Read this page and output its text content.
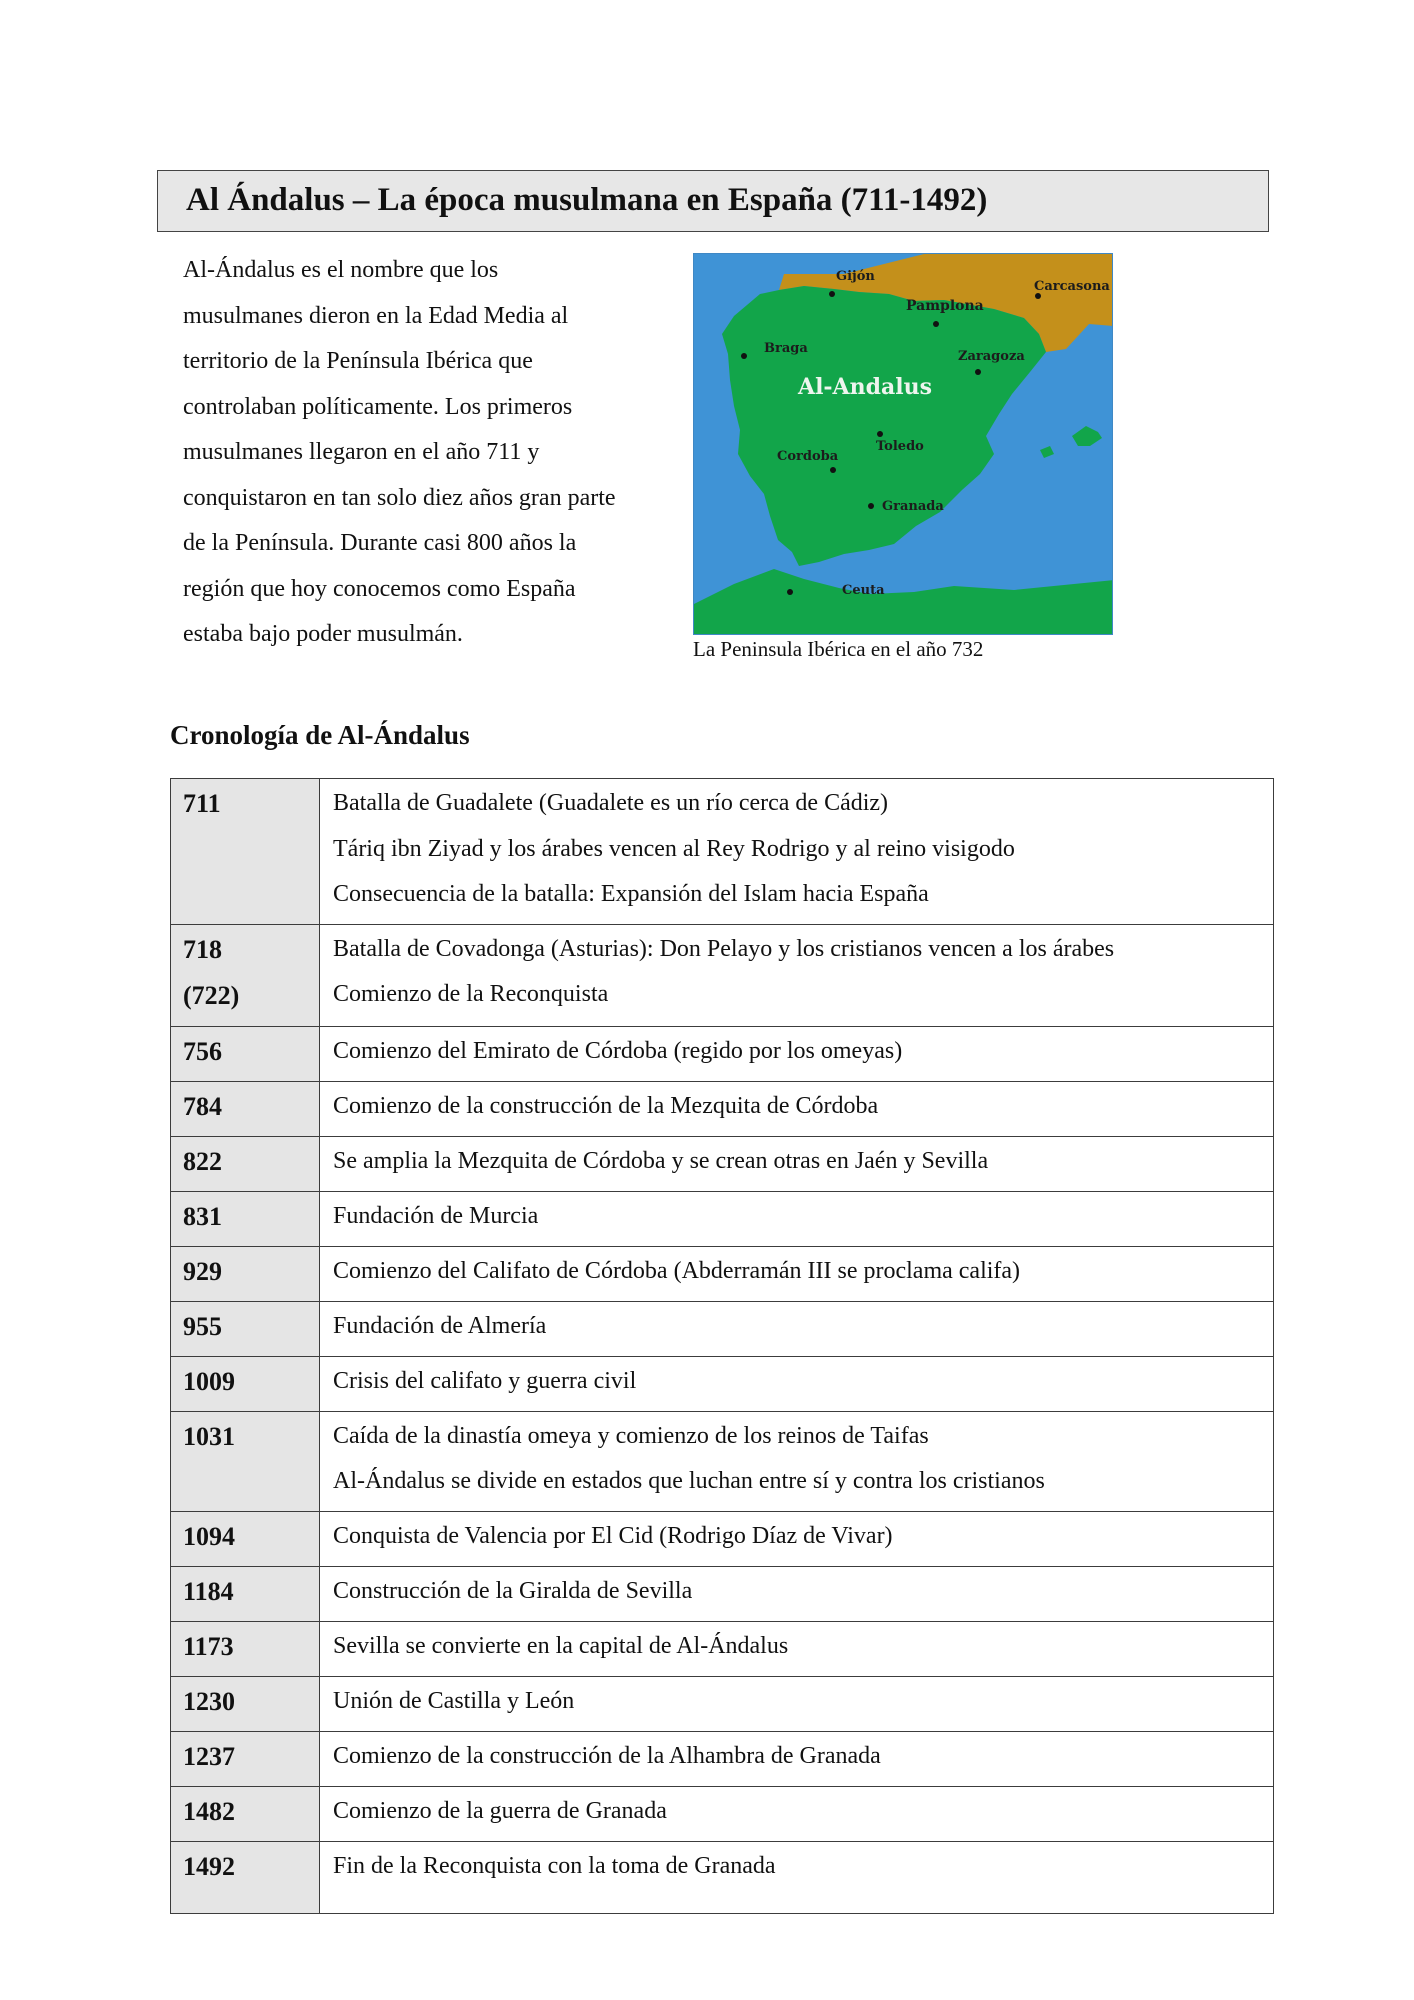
Al Ándalus – La época musulmana en España (711-1492)

Al-Ándalus es el nombre que los
musulmanes dieron en la Edad Media al
territorio de la Península Ibérica que
controlaban políticamente. Los primeros
musulmanes llegaron en el año 711 y
conquistaron en tan solo diez años gran parte
de la Península. Durante casi 800 años la
región que hoy conocemos como España
estaba bajo poder musulmán.

Gijón
Carcasona
Pamplona
Braga
Zaragoza
Al-Andalus
Toledo
Cordoba
Granada
Ceuta
La Peninsula Ibérica en el año 732
Cronología de Al-Ándalus
711	Batalla de Guadalete (Guadalete es un río cerca de Cádiz)
Táriq ibn Ziyad y los árabes vencen al Rey Rodrigo y al reino visigodo
Consecuencia de la batalla: Expansión del Islam hacia España

718
(722)	Batalla de Covadonga (Asturias): Don Pelayo y los cristianos vencen a los árabes
Comienzo de la Reconquista

756	Comienzo del Emirato de Córdoba (regido por los omeyas)

784	Comienzo de la construcción de la Mezquita de Córdoba

822	Se amplia la Mezquita de Córdoba y se crean otras en Jaén y Sevilla

831	Fundación de Murcia

929	Comienzo del Califato de Córdoba (Abderramán III se proclama califa)

955	Fundación de Almería

1009	Crisis del califato y guerra civil

1031	Caída de la dinastía omeya y comienzo de los reinos de Taifas
Al-Ándalus se divide en estados que luchan entre sí y contra los cristianos

1094	Conquista de Valencia por El Cid (Rodrigo Díaz de Vivar)

1184	Construcción de la Giralda de Sevilla

1173	Sevilla se convierte en la capital de Al-Ándalus

1230	Unión de Castilla y León

1237	Comienzo de la construcción de la Alhambra de Granada

1482	Comienzo de la guerra de Granada

1492	Fin de la Reconquista con la toma de Granada
